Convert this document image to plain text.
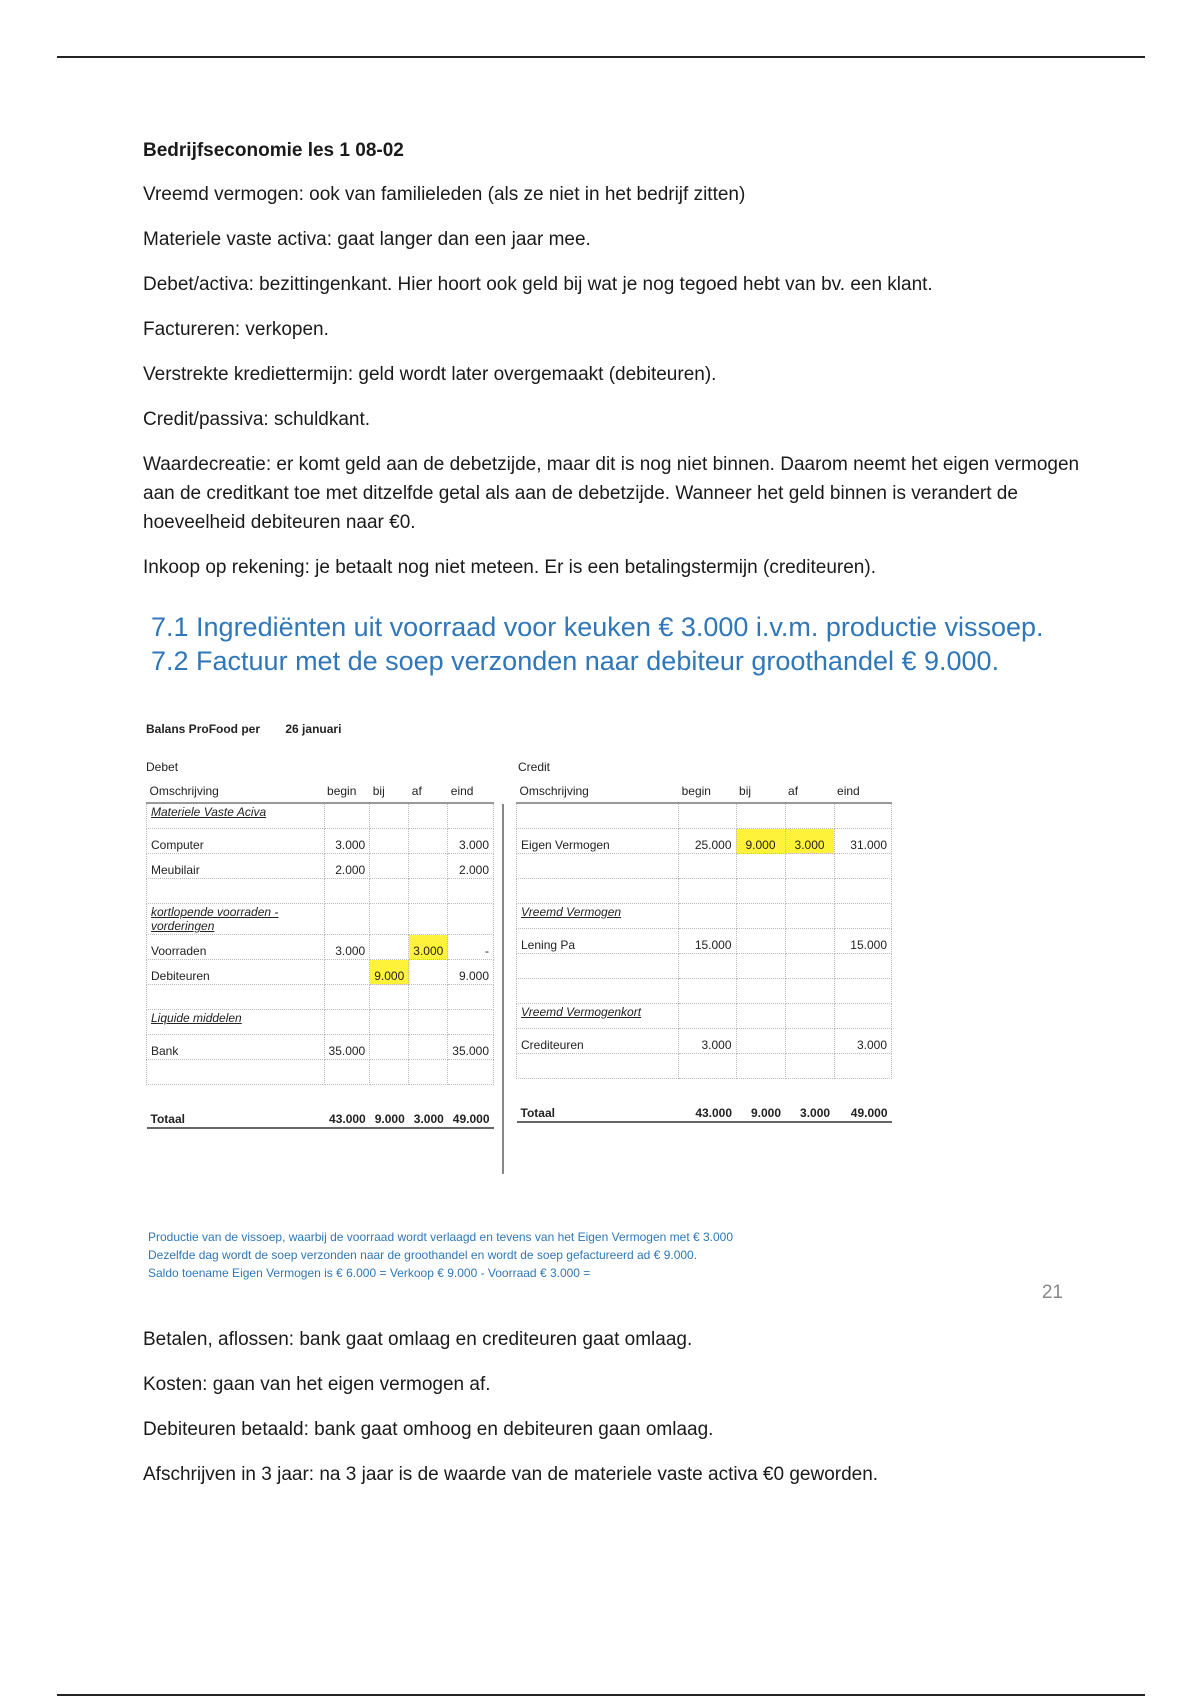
Bedrijfseconomie les 1 08-02

Vreemd vermogen: ook van familieleden (als ze niet in het bedrijf zitten)

Materiele vaste activa: gaat langer dan een jaar mee.

Debet/activa: bezittingenkant. Hier hoort ook geld bij wat je nog tegoed hebt van bv. een klant.

Factureren: verkopen.

Verstrekte krediettermijn: geld wordt later overgemaakt (debiteuren).

Credit/passiva: schuldkant.

Waardecreatie: er komt geld aan de debetzijde, maar dit is nog niet binnen. Daarom neemt het eigen vermogen aan de creditkant toe met ditzelfde getal als aan de debetzijde. Wanneer het geld binnen is verandert de hoeveelheid debiteuren naar €0.

Inkoop op rekening: je betaalt nog niet meteen. Er is een betalingstermijn (crediteuren).

7.1 Ingrediënten uit voorraad voor keuken € 3.000 i.v.m. productie vissoep.
7.2 Factuur met de soep verzonden naar debiteur groothandel € 9.000.
Balans ProFood per 26 januari
Debet	Credit
Omschrijving	begin	bij	af	eind
Materiele Vaste Aciva				
Computer	3.000			3.000
Meubilair	2.000			2.000

kortlopende voorraden - vorderingen				
Voorraden	3.000		3.000	-
Debiteuren		9.000		9.000

Liquide middelen				
Bank	35.000			35.000

Totaal	43.000	9.000	3.000	49.000
Omschrijving	begin	bij	af	eind

Eigen Vermogen	25.000	9.000	3.000	31.000

Vreemd Vermogen				
Lening Pa	15.000			15.000

Vreemd Vermogenkort				
Crediteuren	3.000			3.000

Totaal	43.000	9.000	3.000	49.000
Productie van de vissoep, waarbij de voorraad wordt verlaagd en tevens van het Eigen Vermogen met € 3.000
Dezelfde dag wordt de soep verzonden naar de groothandel en wordt de soep gefactureerd ad € 9.000.
Saldo toename Eigen Vermogen is € 6.000 = Verkoop € 9.000 - Voorraad € 3.000 =
21

Betalen, aflossen: bank gaat omlaag en crediteuren gaat omlaag.

Kosten: gaan van het eigen vermogen af.

Debiteuren betaald: bank gaat omhoog en debiteuren gaan omlaag.

Afschrijven in 3 jaar: na 3 jaar is de waarde van de materiele vaste activa €0 geworden.
